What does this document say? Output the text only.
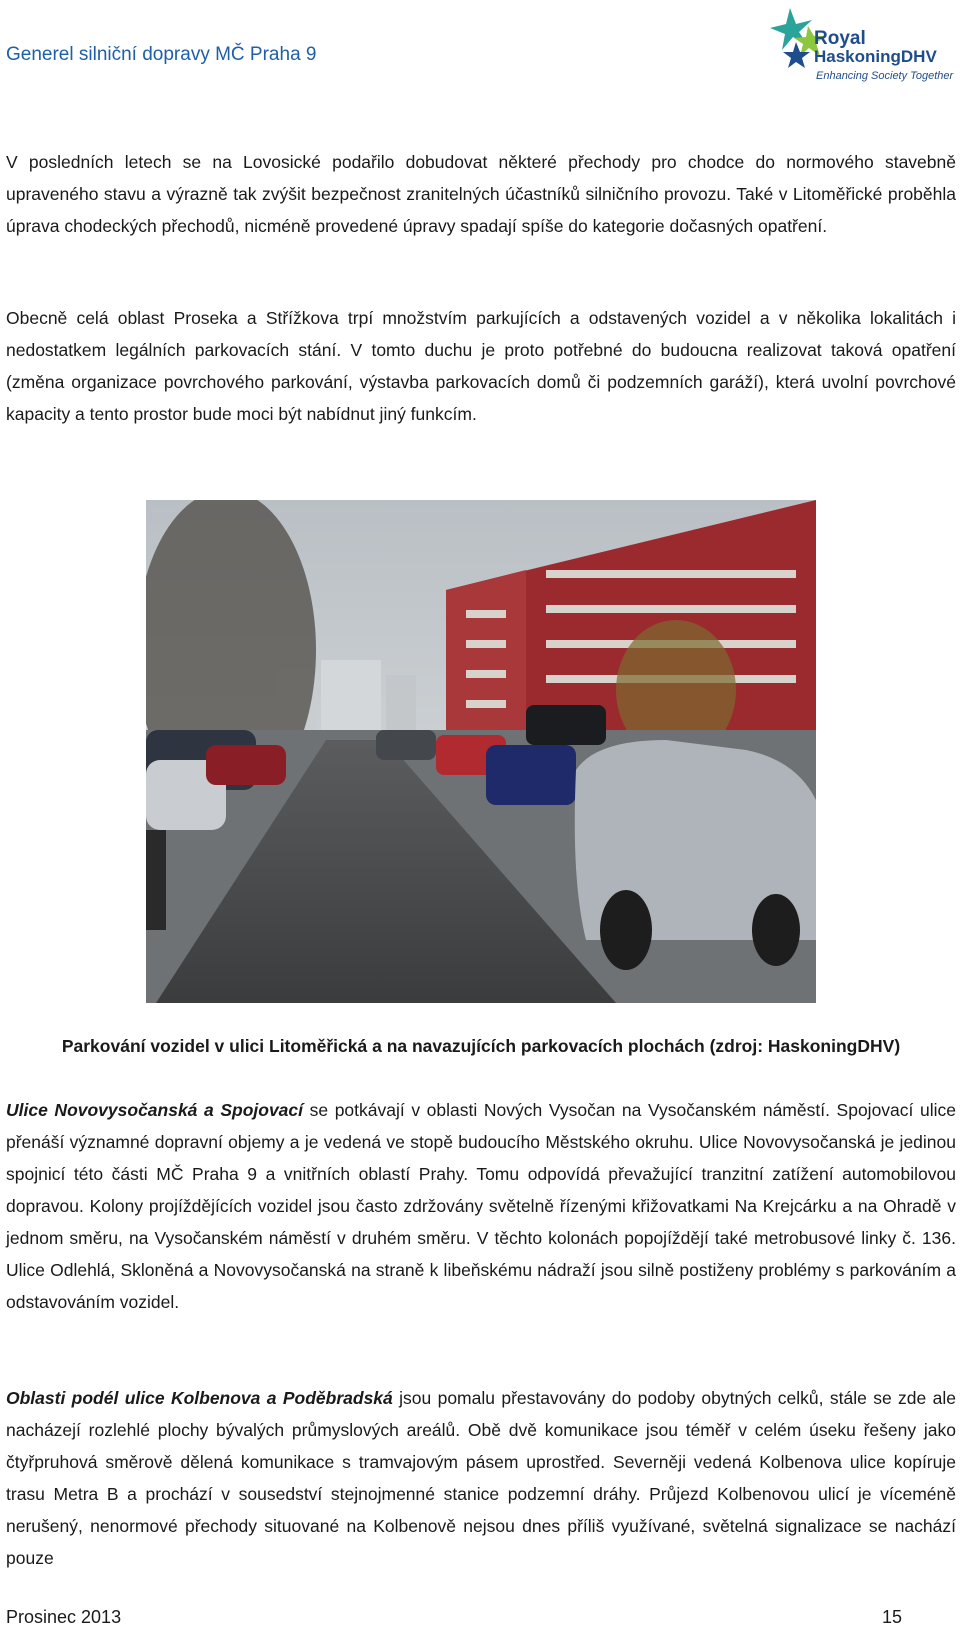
Generel silniční dopravy MČ Praha 9
Royal
HaskoningDHV
Enhancing Society Together
V posledních letech se na Lovosické podařilo dobudovat některé přechody pro chodce do normového stavebně upraveného stavu a výrazně tak zvýšit bezpečnost zranitelných účastníků silničního provozu. Také v Litoměřické proběhla úprava chodeckých přechodů, nicméně provedené úpravy spadají spíše do kategorie dočasných opatření.
Obecně celá oblast Proseka a Střížkova trpí množstvím parkujících a odstavených vozidel a v několika lokalitách i nedostatkem legálních parkovacích stání. V tomto duchu je proto potřebné do budoucna realizovat taková opatření (změna organizace povrchového parkování, výstavba parkovacích domů či podzemních garáží), která uvolní povrchové kapacity a tento prostor bude moci být nabídnut jiný funkcím.
Parkování vozidel v ulici Litoměřická a na navazujících parkovacích plochách (zdroj: HaskoningDHV)
Ulice Novovysočanská a Spojovací se potkávají v oblasti Nových Vysočan na Vysočanském náměstí. Spojovací ulice přenáší významné dopravní objemy a je vedená ve stopě budoucího Městského okruhu. Ulice Novovysočanská je jedinou spojnicí této části MČ Praha 9 a vnitřních oblastí Prahy. Tomu odpovídá převažující tranzitní zatížení automobilovou dopravou. Kolony projíždějících vozidel jsou často zdržovány světelně řízenými křižovatkami Na Krejcárku a na Ohradě v jednom směru, na Vysočanském náměstí v druhém směru. V těchto kolonách popojíždějí také metrobusové linky č. 136. Ulice Odlehlá, Skloněná a Novovysočanská na straně k libeňskému nádraží jsou silně postiženy problémy s parkováním a odstavováním vozidel.
Oblasti podél ulice Kolbenova a Poděbradská jsou pomalu přestavovány do podoby obytných celků, stále se zde ale nacházejí rozlehlé plochy bývalých průmyslových areálů. Obě dvě komunikace jsou téměř v celém úseku řešeny jako čtyřpruhová směrově dělená komunikace s tramvajovým pásem uprostřed. Severněji vedená Kolbenova ulice kopíruje trasu Metra B a prochází v sousedství stejnojmenné stanice podzemní dráhy. Průjezd Kolbenovou ulicí je víceméně nerušený, nenormové přechody situované na Kolbenově nejsou dnes příliš využívané, světelná signalizace se nachází pouze
Prosinec 2013	15
